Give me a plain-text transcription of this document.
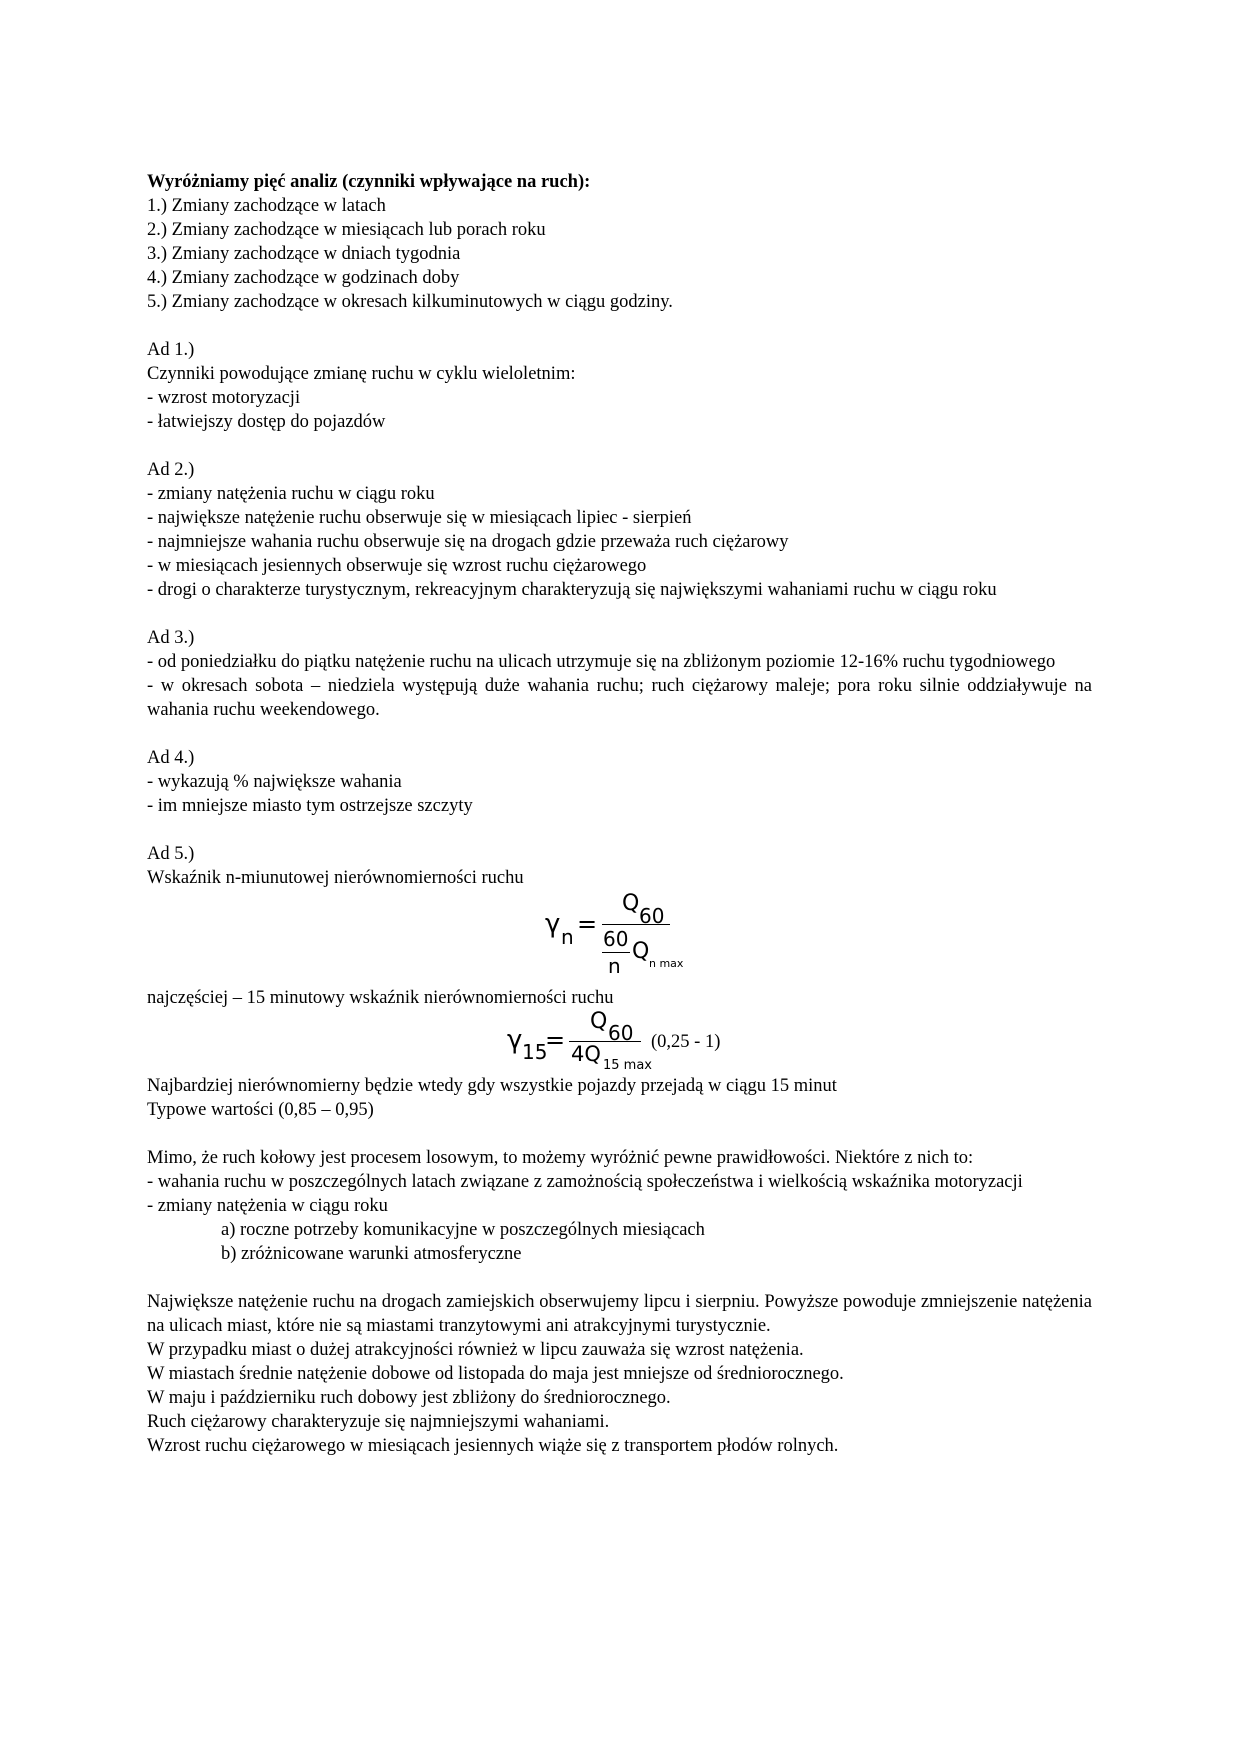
Wyróżniamy pięć analiz (czynniki wpływające na ruch):
1.) Zmiany zachodzące w latach
2.) Zmiany zachodzące w miesiącach lub porach roku
3.) Zmiany zachodzące w dniach tygodnia
4.) Zmiany zachodzące w godzinach doby
5.) Zmiany zachodzące w okresach kilkuminutowych w ciągu godziny.
Ad 1.)
Czynniki powodujące zmianę ruchu w cyklu wieloletnim:
- wzrost motoryzacji
- łatwiejszy dostęp do pojazdów
Ad 2.)
- zmiany natężenia ruchu w ciągu roku
- największe natężenie ruchu obserwuje się w miesiącach lipiec - sierpień
- najmniejsze wahania ruchu obserwuje się na drogach gdzie przeważa ruch ciężarowy
- w miesiącach jesiennych obserwuje się wzrost ruchu ciężarowego
- drogi o charakterze turystycznym, rekreacyjnym charakteryzują się największymi wahaniami ruchu w ciągu roku
Ad 3.)
- od poniedziałku do piątku natężenie ruchu na ulicach utrzymuje się na zbliżonym poziomie 12-16% ruchu tygodniowego
- w okresach sobota – niedziela występują duże wahania ruchu; ruch ciężarowy maleje; pora roku silnie oddziaływuje na wahania ruchu weekendowego.
Ad 4.)
- wykazują % największe wahania
- im mniejsze miasto tym ostrzejsze szczyty
Ad 5.)
Wskaźnik n-miunutowej nierównomierności ruchu
γ n =
Q 60
60
n
Q n max
najczęściej – 15 minutowy wskaźnik nierównomierności ruchu
γ 15
=
Q 60
4Q 15 max
(0,25 - 1)
Najbardziej nierównomierny będzie wtedy gdy wszystkie pojazdy przejadą w ciągu 15 minut
Typowe wartości (0,85 – 0,95)
Mimo, że ruch kołowy jest procesem losowym, to możemy wyróżnić pewne prawidłowości. Niektóre z nich to:
- wahania ruchu w poszczególnych latach związane z zamożnością społeczeństwa i wielkością wskaźnika motoryzacji
- zmiany natężenia w ciągu roku
a) roczne potrzeby komunikacyjne w poszczególnych miesiącach
b) zróżnicowane warunki atmosferyczne
Największe natężenie ruchu na drogach zamiejskich obserwujemy lipcu i sierpniu. Powyższe powoduje zmniejszenie natężenia na ulicach miast, które nie są miastami tranzytowymi ani atrakcyjnymi turystycznie.
W przypadku miast o dużej atrakcyjności również w lipcu zauważa się wzrost natężenia.
W miastach średnie natężenie dobowe od listopada do maja jest mniejsze od średniorocznego.
W maju i październiku ruch dobowy jest zbliżony do średniorocznego.
Ruch ciężarowy charakteryzuje się najmniejszymi wahaniami.
Wzrost ruchu ciężarowego w miesiącach jesiennych wiąże się z transportem płodów rolnych.
